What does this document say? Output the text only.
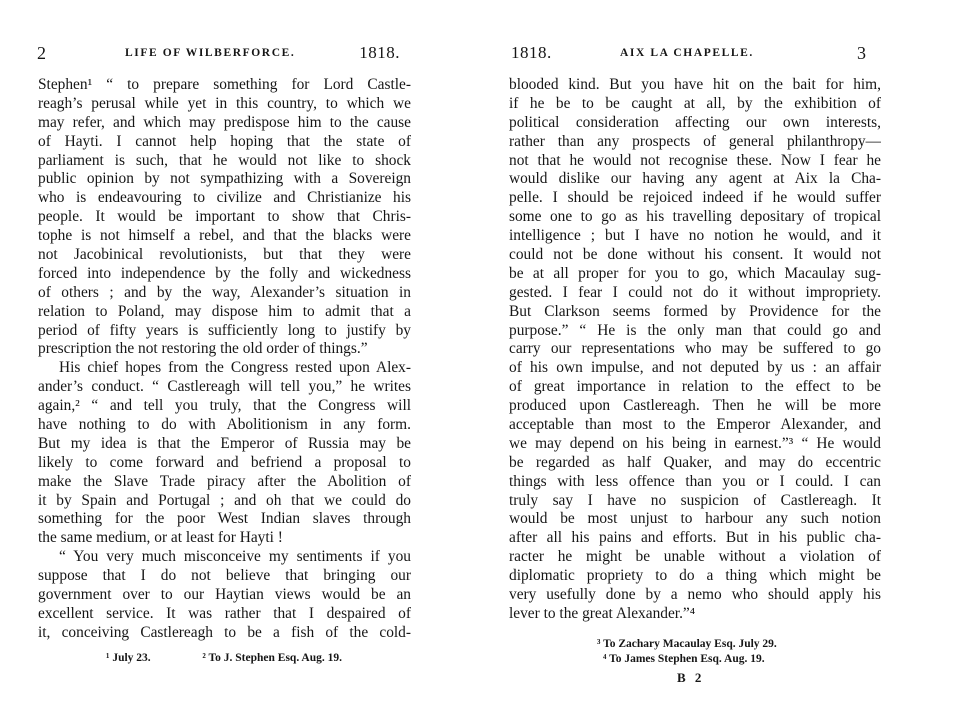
2	LIFE OF WILBERFORCE.	1818.
Stephen¹ “ to prepare something for Lord Castle-
reagh’s perusal while yet in this country, to which we
may refer, and which may predispose him to the cause
of Hayti. I cannot help hoping that the state of
parliament is such, that he would not like to shock
public opinion by not sympathizing with a Sovereign
who is endeavouring to civilize and Christianize his
people. It would be important to show that Chris-
tophe is not himself a rebel, and that the blacks were
not Jacobinical revolutionists, but that they were
forced into independence by the folly and wickedness
of others ; and by the way, Alexander’s situation in
relation to Poland, may dispose him to admit that a
period of fifty years is sufficiently long to justify by
prescription the not restoring the old order of things.”
His chief hopes from the Congress rested upon Alex-
ander’s conduct. “ Castlereagh will tell you,” he writes
again,² “ and tell you truly, that the Congress will
have nothing to do with Abolitionism in any form.
But my idea is that the Emperor of Russia may be
likely to come forward and befriend a proposal to
make the Slave Trade piracy after the Abolition of
it by Spain and Portugal ; and oh that we could do
something for the poor West Indian slaves through
the same medium, or at least for Hayti !
“ You very much misconceive my sentiments if you
suppose that I do not believe that bringing our
government over to our Haytian views would be an
excellent service. It was rather that I despaired of
it, conceiving Castlereagh to be a fish of the cold-
¹ July 23.	² To J. Stephen Esq. Aug. 19.
1818.	AIX LA CHAPELLE.	3
blooded kind. But you have hit on the bait for him,
if he be to be caught at all, by the exhibition of
political consideration affecting our own interests,
rather than any prospects of general philanthropy—
not that he would not recognise these. Now I fear he
would dislike our having any agent at Aix la Cha-
pelle. I should be rejoiced indeed if he would suffer
some one to go as his travelling depositary of tropical
intelligence ; but I have no notion he would, and it
could not be done without his consent. It would not
be at all proper for you to go, which Macaulay sug-
gested. I fear I could not do it without impropriety.
But Clarkson seems formed by Providence for the
purpose.” “ He is the only man that could go and
carry our representations who may be suffered to go
of his own impulse, and not deputed by us : an affair
of great importance in relation to the effect to be
produced upon Castlereagh. Then he will be more
acceptable than most to the Emperor Alexander, and
we may depend on his being in earnest.”³ “ He would
be regarded as half Quaker, and may do eccentric
things with less offence than you or I could. I can
truly say I have no suspicion of Castlereagh. It
would be most unjust to harbour any such notion
after all his pains and efforts. But in his public cha-
racter he might be unable without a violation of
diplomatic propriety to do a thing which might be
very usefully done by a nemo who should apply his
lever to the great Alexander.”⁴
³ To Zachary Macaulay Esq. July 29.
⁴ To James Stephen Esq. Aug. 19.
B 2
